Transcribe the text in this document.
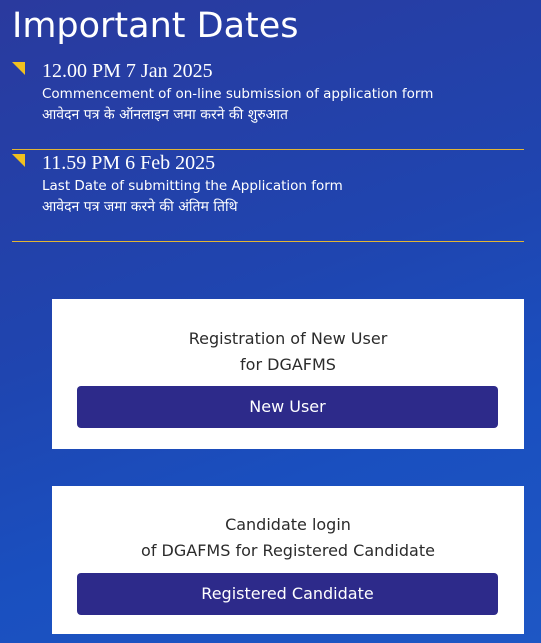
Important Dates
12.00 PM 7 Jan 2025
Commencement of on-line submission of application form
आवेदन पत्र के ऑनलाइन जमा करने की शुरुआत
11.59 PM 6 Feb 2025
Last Date of submitting the Application form
आवेदन पत्र जमा करने की अंतिम तिथि
Registration of New User
for DGAFMS
New User
Candidate login
of DGAFMS for Registered Candidate
Registered Candidate
